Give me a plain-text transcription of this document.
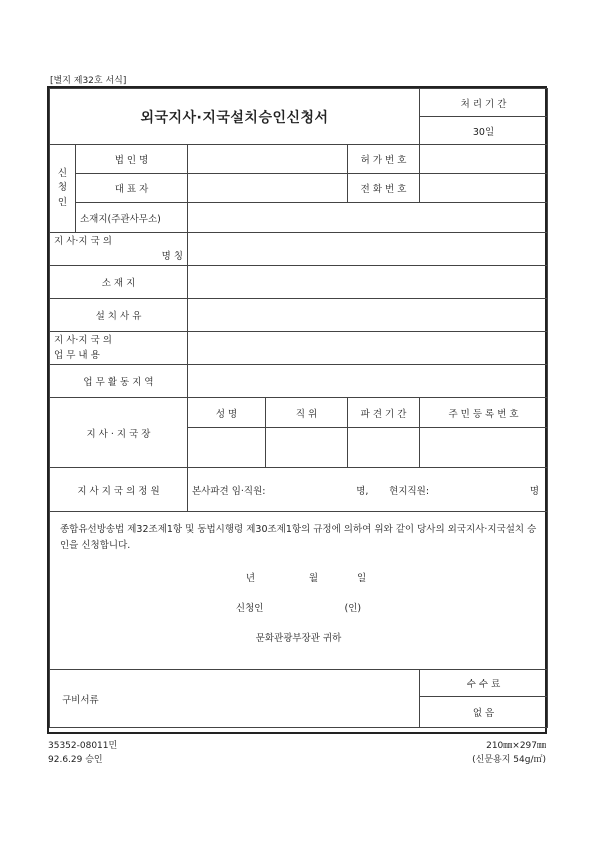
[별지 제32호 서식]
외국지사·지국설치승인신청서					처 리 기 간
					30일

신
청
인	법 인 명			허 가 번 호	

	대 표 자			전 화 번 호	

	소재지(주관사무소)				

지 사·지 국 의
명 칭					

소 재 지					

설 치 사 유					

지 사·지 국 의
업 무 내 용					

업 무 활 동 지 역					

지 사 · 지 국 장		성 명	직 위	파 견 기 간	주 민 등 록 번 호

지 사 지 국 의 정 원		본사파견 임·직원: 명, 현지직원: 명			

종합유선방송법 제32조제1항 및 동법시행령 제30조제1항의 규정에 의하여 위와 같이 당사의 외국지사·지국설치 승인을 신청합니다.
년 월 일
신청인 (인)
문화관광부장관 귀하					

구비서류					수 수 료
					없 음
35352-08011민
92.6.29 승인
210㎜×297㎜
(신문용지 54g/㎡)
